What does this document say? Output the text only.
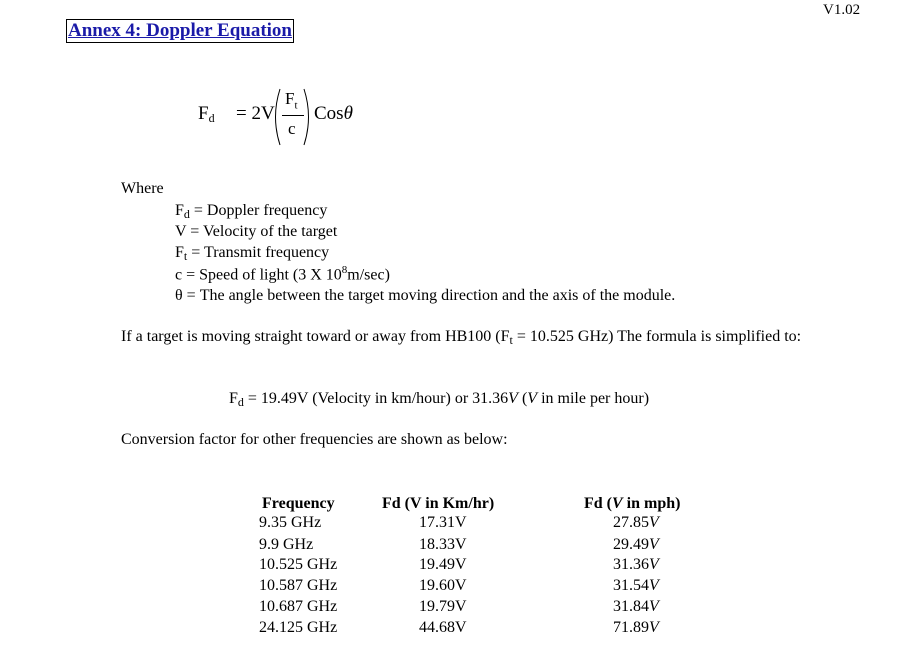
V1.02
Annex 4: Doppler Equation
$F_d = 2V$
$F_t$
c
Cosθ
Where
$F_d$ = Doppler frequency
V = Velocity of the target
$F_t$ = Transmit frequency
c = Speed of light (3 X $10^8m/\sec$)
θ = The angle between the target moving direction and the axis of the module.
If a target is moving straight toward or away from HB100 ($F_t = 10.525$ GHz) The formula is simplified to:
$F_d = 19.49V$ (Velocity in km/hour) or 31.36V (V in mile per hour)
Conversion factor for other frequencies are shown as below:
Frequency	Fd (V in Km/hr)	Fd (V in mph)
9.35 GHz	17.31V	27.85V
9.9 GHz	18.33V	29.49V
10.525 GHz	19.49V	31.36V
10.587 GHz	19.60V	31.54V
10.687 GHz	19.79V	31.84V
24.125 GHz	44.68V	71.89V
